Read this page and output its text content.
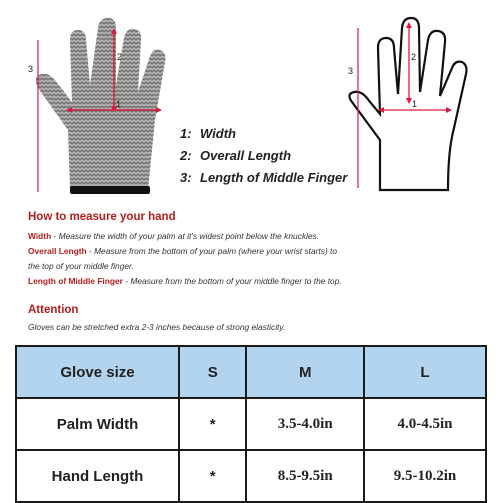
1
2
3
1
2
3
1: Width
2: Overall Length
3: Length of Middle Finger
How to measure your hand
Width - Measure the width of your palm at it's widest point below the knuckles.
Overall Length - Measure from the bottom of your palm (where your wrist starts) to
the top of your middle finger.
Length of Middle Finger - Measure from the bottom of your middle finger to the top.
Attention
Gloves can be stretched extra 2-3 inches because of strong elasticity.
Glove size	S	M	L
Palm Width	*	3.5-4.0in	4.0-4.5in
Hand Length	*	8.5-9.5in	9.5-10.2in
